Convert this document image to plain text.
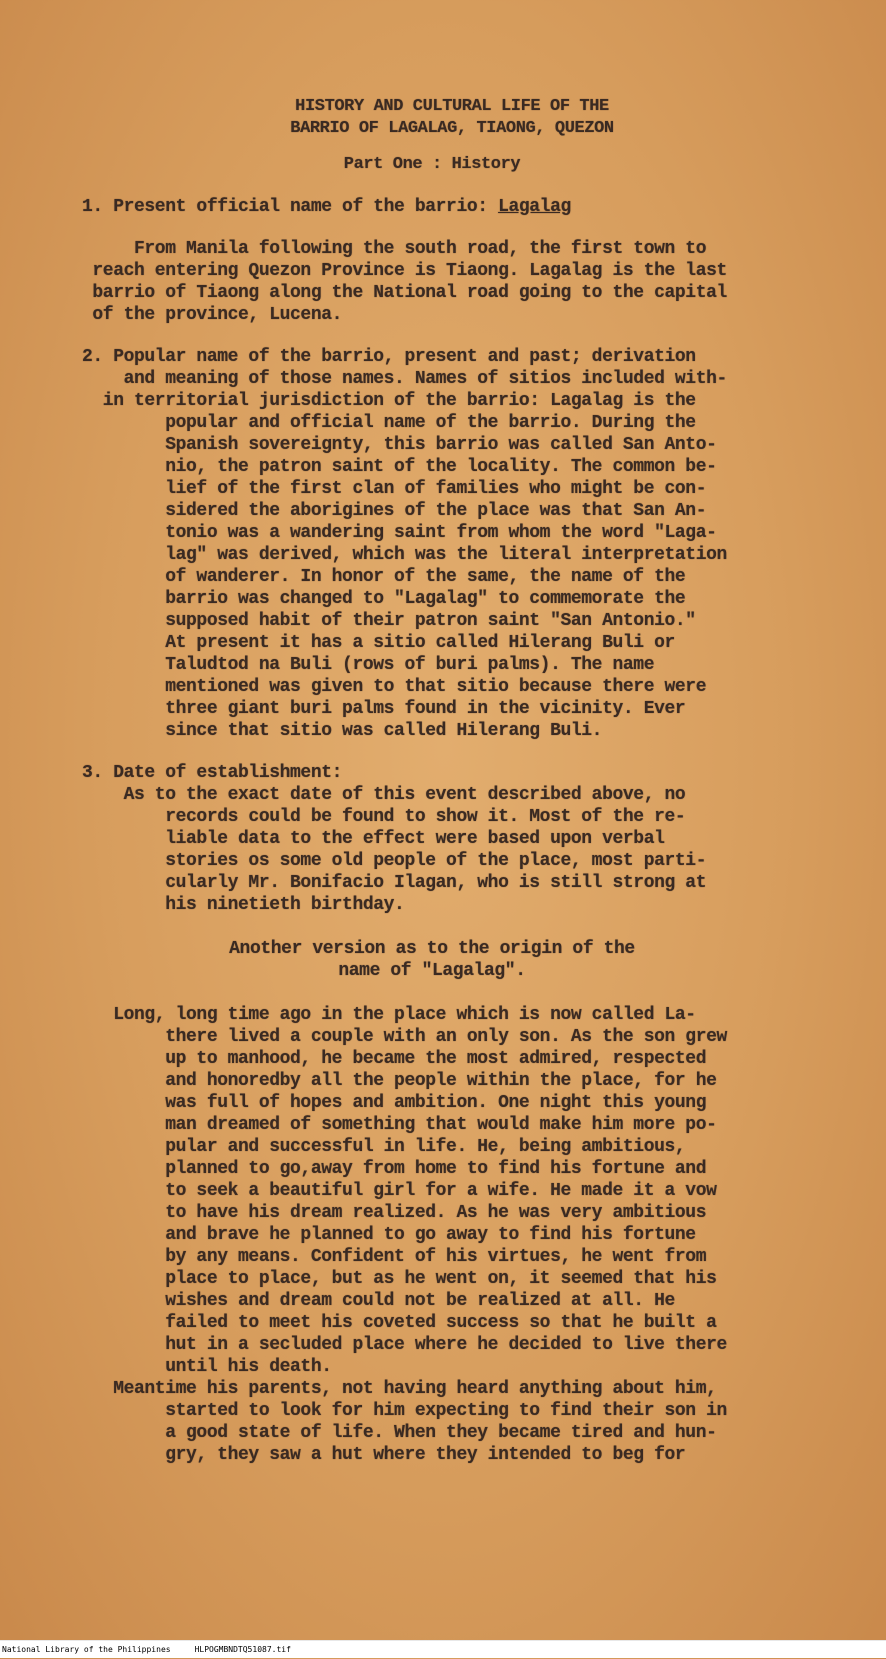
HISTORY AND CULTURAL LIFE OF THE
BARRIO OF LAGALAG, TIAONG, QUEZON
Part One : History
1. Present official name of the barrio: Lagalag
From Manila following the south road, the first town to
reach entering Quezon Province is Tiaong. Lagalag is the last
barrio of Tiaong along the National road going to the capital
of the province, Lucena.
2. Popular name of the barrio, present and past; derivation
and meaning of those names. Names of sitios included with-
in territorial jurisdiction of the barrio: Lagalag is the
popular and official name of the barrio. During the
Spanish sovereignty, this barrio was called San Anto-
nio, the patron saint of the locality. The common be-
lief of the first clan of families who might be con-
sidered the aborigines of the place was that San An-
tonio was a wandering saint from whom the word "Laga-
lag" was derived, which was the literal interpretation
of wanderer. In honor of the same, the name of the
barrio was changed to "Lagalag" to commemorate the
supposed habit of their patron saint "San Antonio."
At present it has a sitio called Hilerang Buli or
Taludtod na Buli (rows of buri palms). The name
mentioned was given to that sitio because there were
three giant buri palms found in the vicinity. Ever
since that sitio was called Hilerang Buli.
3. Date of establishment:
As to the exact date of this event described above, no
records could be found to show it. Most of the re-
liable data to the effect were based upon verbal
stories os some old people of the place, most parti-
cularly Mr. Bonifacio Ilagan, who is still strong at
his ninetieth birthday.
Another version as to the origin of the
name of "Lagalag".
Long, long time ago in the place which is now called La-
there lived a couple with an only son. As the son grew
up to manhood, he became the most admired, respected
and honoredby all the people within the place, for he
was full of hopes and ambition. One night this young
man dreamed of something that would make him more po-
pular and successful in life. He, being ambitious,
planned to go,away from home to find his fortune and
to seek a beautiful girl for a wife. He made it a vow
to have his dream realized. As he was very ambitious
and brave he planned to go away to find his fortune
by any means. Confident of his virtues, he went from
place to place, but as he went on, it seemed that his
wishes and dream could not be realized at all. He
failed to meet his coveted success so that he built a
hut in a secluded place where he decided to live there
until his death.
Meantime his parents, not having heard anything about him,
started to look for him expecting to find their son in
a good state of life. When they became tired and hun-
gry, they saw a hut where they intended to beg for
National Library of the Philippines	HLPOGMBNDTQ51087.tif
